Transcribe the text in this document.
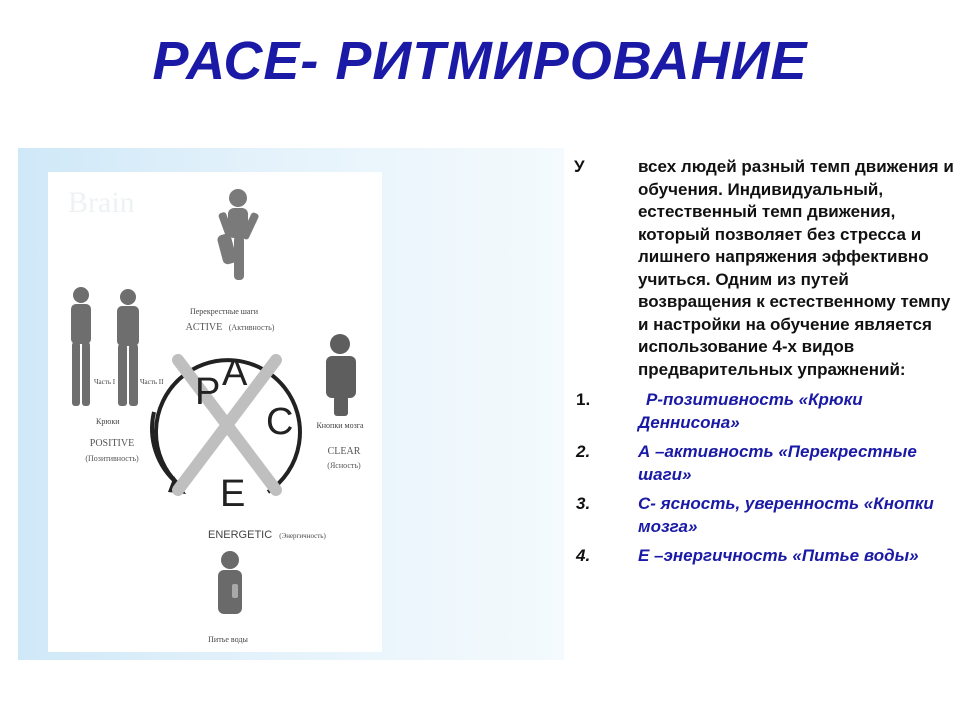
РАСЕ- РИТМИРОВАНИЕ
Brain
Перекрестные шаги
ACTIVE (Активность)
Часть I	Часть II
Крюки
POSITIVE
(Позитивность)
Кнопки мозга
CLEAR
(Ясность)
P A
C
E
ENERGETIC (Энергичность)
Питье воды

У	всех людей разный темп движения и обучения. Индивидуальный, естественный темп движения, который позволяет без стресса и лишнего напряжения эффективно учиться. Одним из путей возвращения к естественному темпу и настройки на обучение является использование 4-х видов предварительных упражнений:

1.	Р-позитивность «Крюки Деннисона»
2.	А –активность «Перекрестные шаги»
3.	С- ясность, уверенность «Кнопки мозга»
4.	Е –энергичность «Питье воды»
